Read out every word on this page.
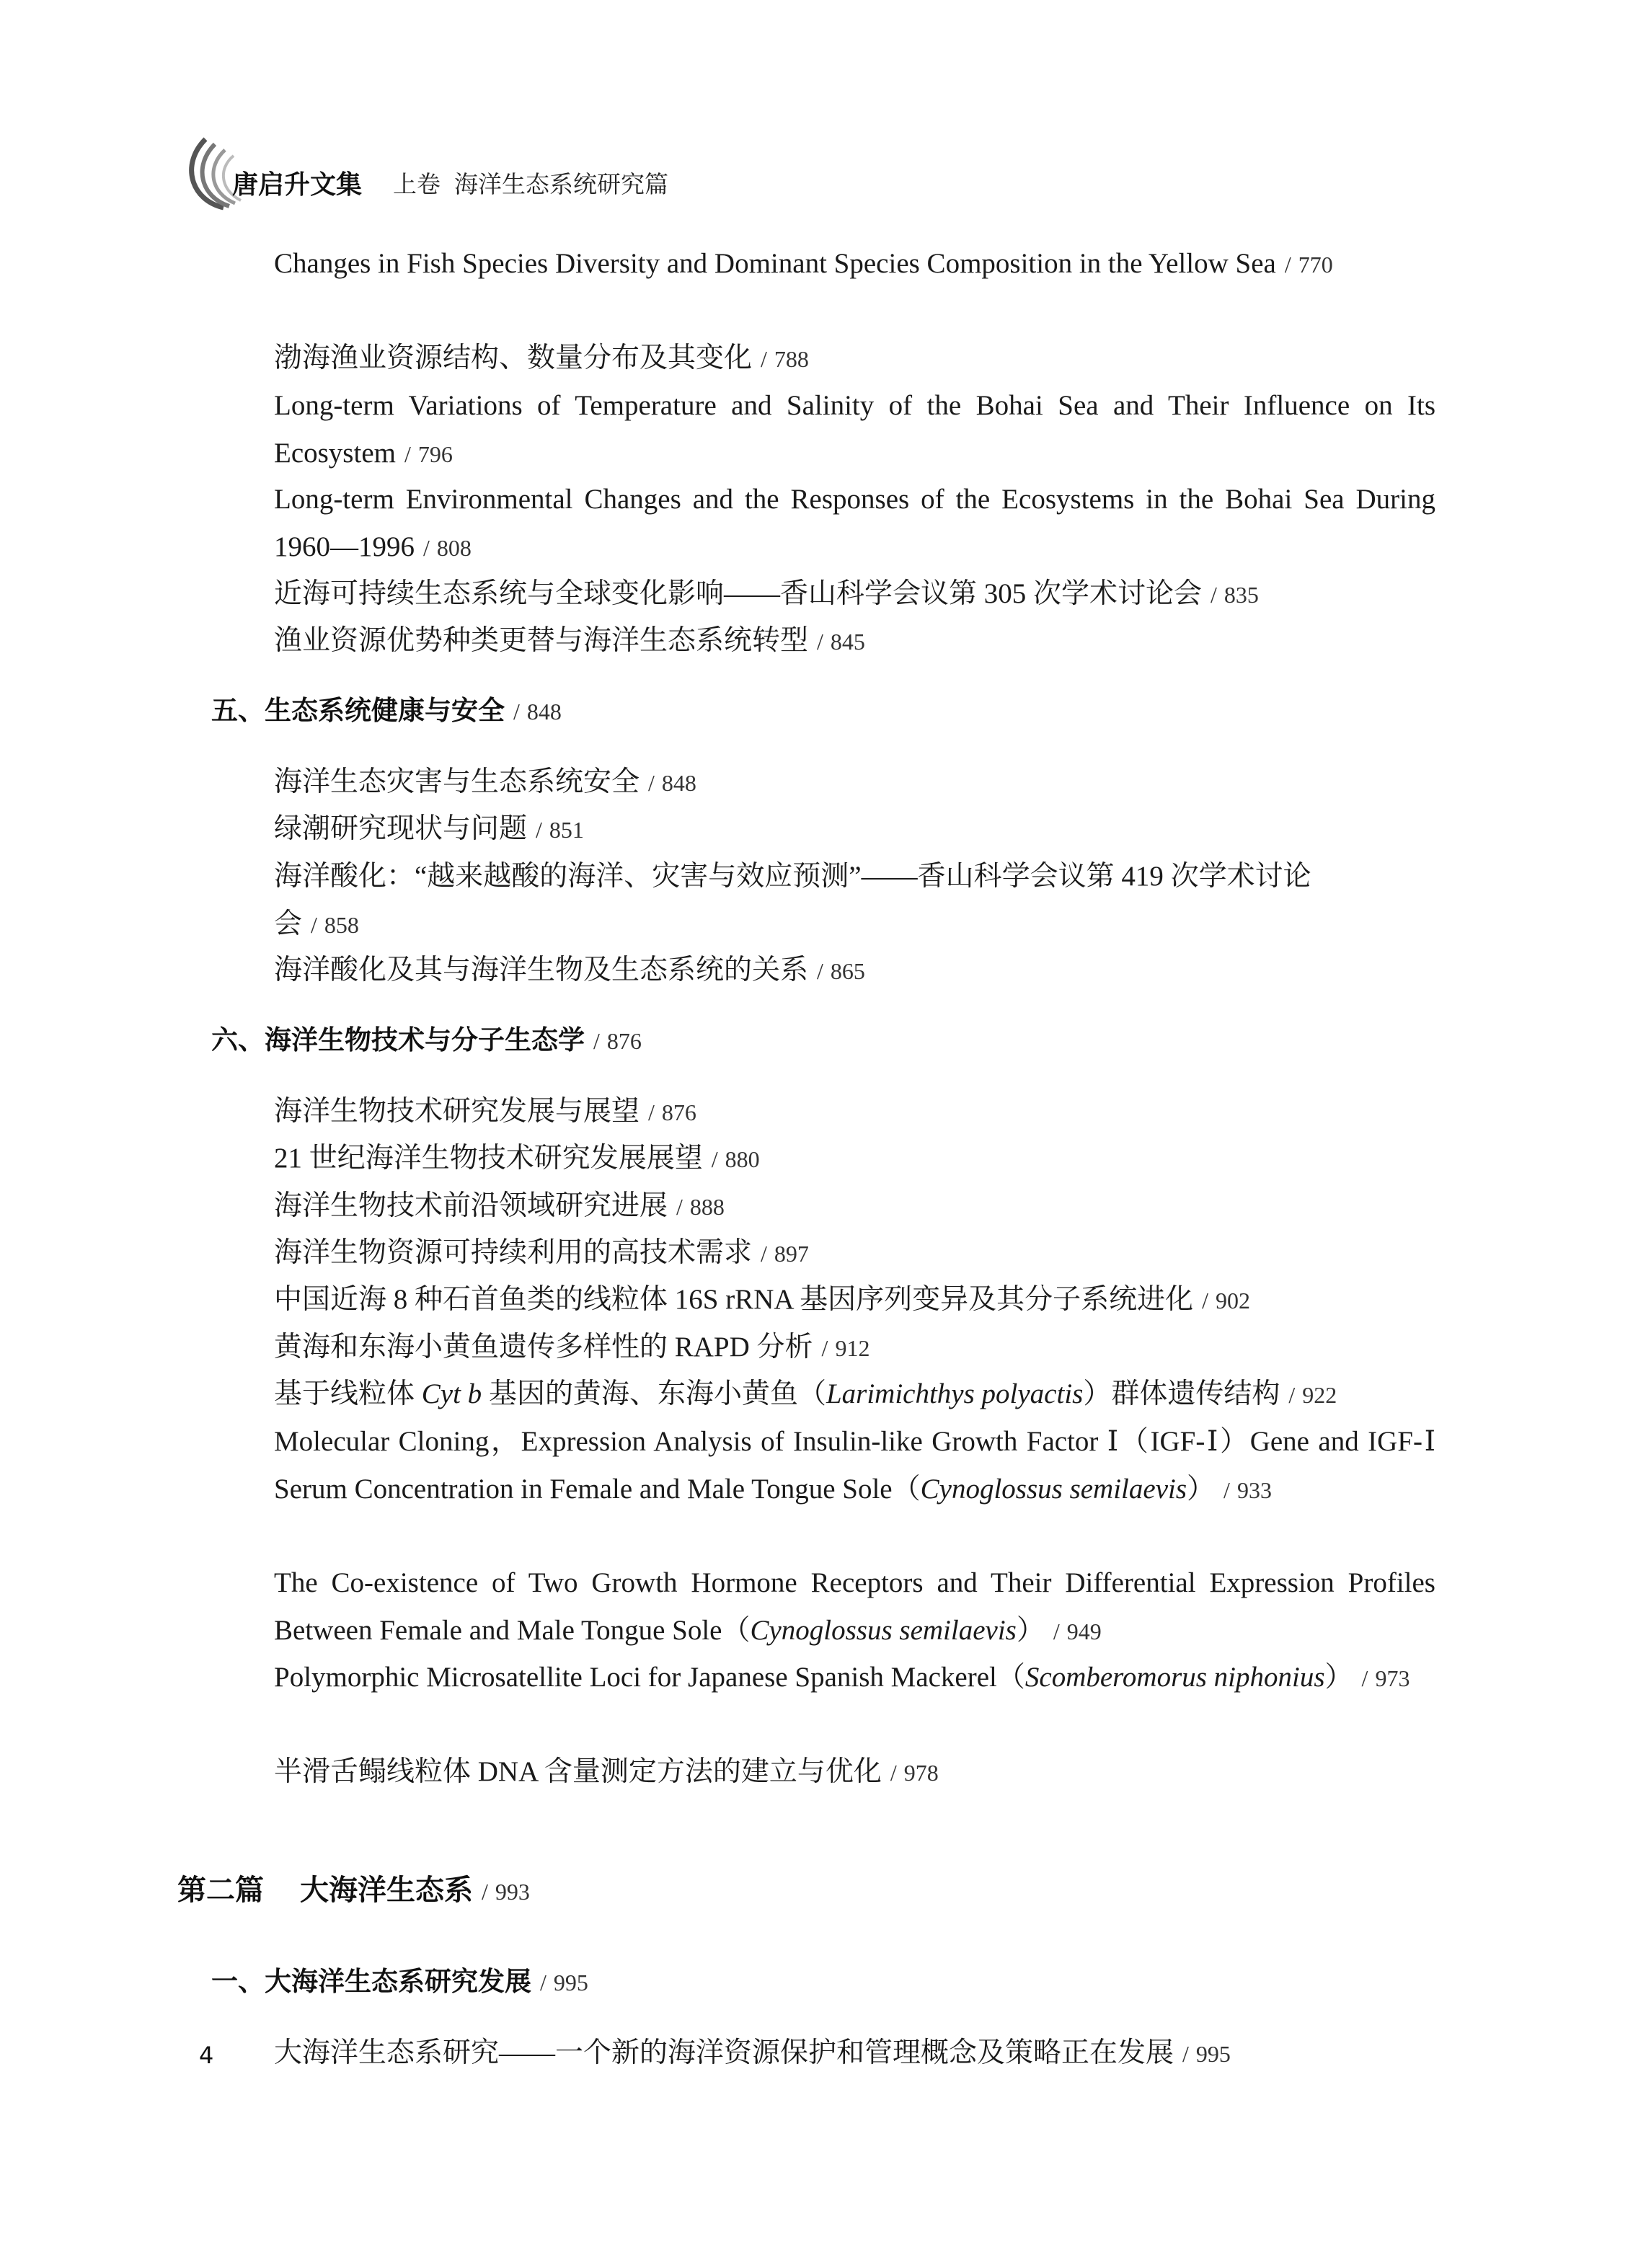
唐启升文集 上卷 海洋生态系统研究篇
Changes in Fish Species Diversity and Dominant Species Composition in the Yellow Sea / 770
渤海渔业资源结构、数量分布及其变化 / 788
Long-term Variations of Temperature and Salinity of the Bohai Sea and Their Influence on Its Ecosystem / 796
Long-term Environmental Changes and the Responses of the Ecosystems in the Bohai Sea During 1960—1996 / 808
近海可持续生态系统与全球变化影响——香山科学会议第 305 次学术讨论会 / 835
渔业资源优势种类更替与海洋生态系统转型 / 845
五、生态系统健康与安全 / 848
海洋生态灾害与生态系统安全 / 848
绿潮研究现状与问题 / 851
海洋酸化：“越来越酸的海洋、灾害与效应预测”——香山科学会议第 419 次学术讨论会 / 858
海洋酸化及其与海洋生物及生态系统的关系 / 865
六、海洋生物技术与分子生态学 / 876
海洋生物技术研究发展与展望 / 876
21 世纪海洋生物技术研究发展展望 / 880
海洋生物技术前沿领域研究进展 / 888
海洋生物资源可持续利用的高技术需求 / 897
中国近海 8 种石首鱼类的线粒体 16S rRNA 基因序列变异及其分子系统进化 / 902
黄海和东海小黄鱼遗传多样性的 RAPD 分析 / 912
基于线粒体 Cyt b 基因的黄海、东海小黄鱼（Larimichthys polyactis）群体遗传结构 / 922
Molecular Cloning，Expression Analysis of Insulin-like Growth Factor Ⅰ（IGF-Ⅰ）Gene and IGF-Ⅰ Serum Concentration in Female and Male Tongue Sole（Cynoglossus semilaevis） / 933
The Co-existence of Two Growth Hormone Receptors and Their Differential Expression Profiles Between Female and Male Tongue Sole（Cynoglossus semilaevis） / 949
Polymorphic Microsatellite Loci for Japanese Spanish Mackerel（Scomberomorus niphonius） / 973
半滑舌鳎线粒体 DNA 含量测定方法的建立与优化 / 978
第二篇 大海洋生态系 / 993
一、大海洋生态系研究发展 / 995
大海洋生态系研究——一个新的海洋资源保护和管理概念及策略正在发展 / 995
4
